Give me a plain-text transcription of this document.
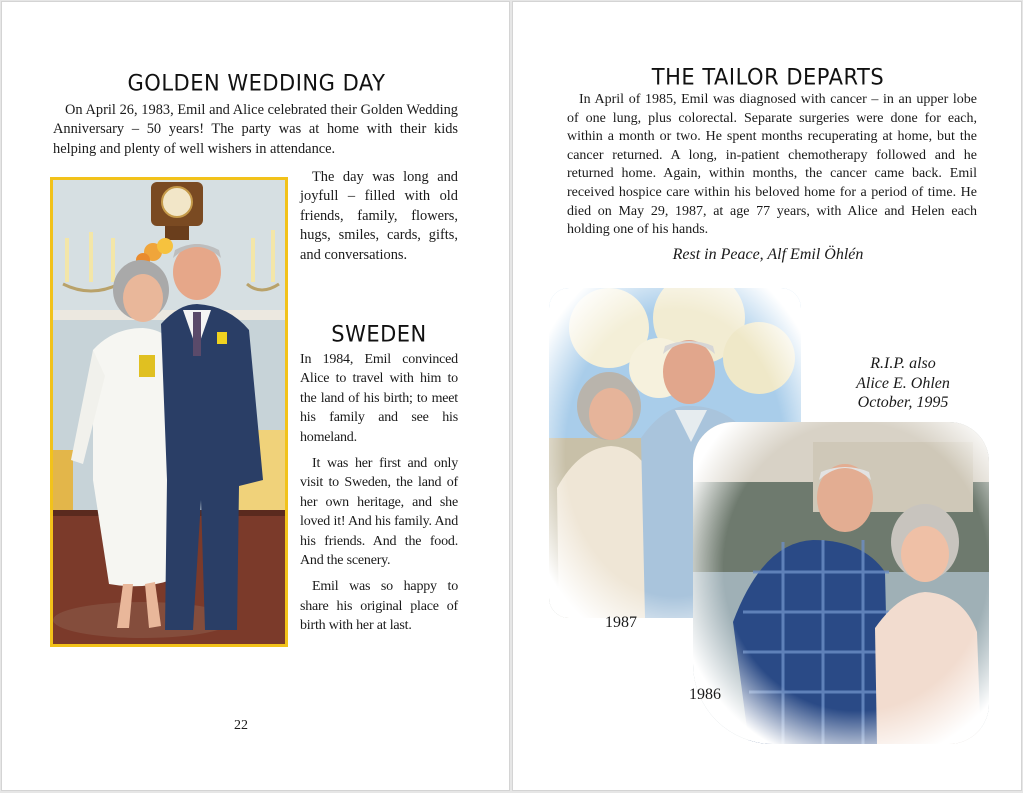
GOLDEN WEDDING DAY

On April 26, 1983, Emil and Alice celebrated their Golden Wedding Anniversary – 50 years! The party was at home with their kids helping and plenty of well wishers in attendance.

The day was long and joyfull – filled with old friends, family, flowers, hugs, smiles, cards, gifts, and conversations.

SWEDEN

In 1984, Emil convinced Alice to travel with him to the land of his birth; to meet his family and see his homeland.

It was her first and only visit to Sweden, the land of her own heritage, and she loved it! And his family. And his friends. And the food. And the scenery.

Emil was so happy to share his original place of birth with her at last.

22
THE TAILOR DEPARTS

In April of 1985, Emil was diagnosed with cancer – in an upper lobe of one lung, plus colorectal. Separate surgeries were done for each, within a month or two. He spent months recuperating at home, but the cancer returned. A long, in-patient chemotherapy followed and he returned home. Again, within months, the cancer came back. Emil received hospice care within his beloved home for a period of time. He died on May 29, 1987, at age 77 years, with Alice and Helen each holding one of his hands.

Rest in Peace, Alf Emil Öhlén
R.I.P. also
Alice E. Ohlen
October, 1995
1987
1986
